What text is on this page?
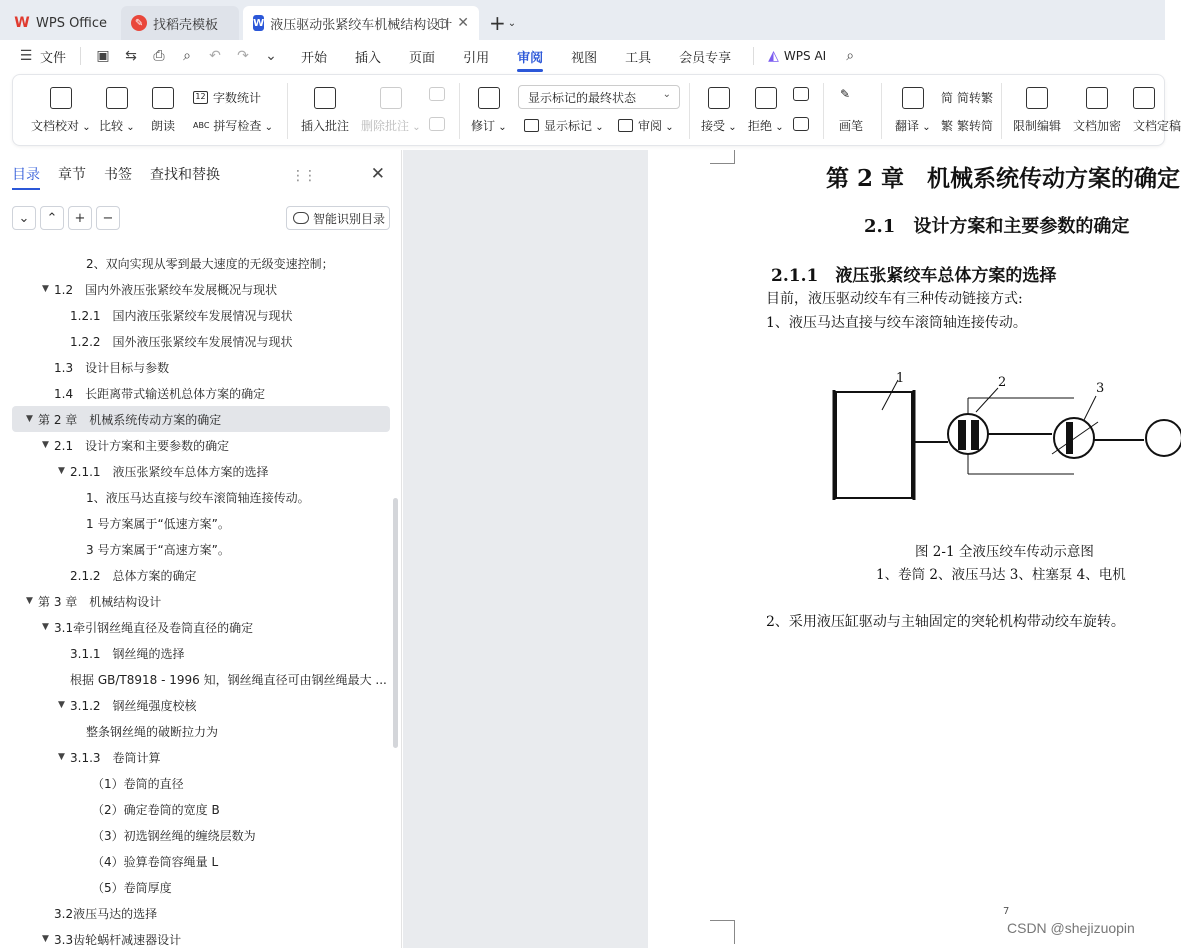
W WPS Office	✎ 找稻壳模板	W 液压驱动张紧绞车机械结构设计 ✕	+ ⌄
☰ 文件 ▣ ⇆ ⎙ ⌕ ↶ ↷ ⌄ 开始 插入 页面 引用 审阅 视图 工具 会员专享	◭ WPS AI ⌕
文档校对 ⌄	比较 ⌄	朗读
12 字数统计
ABC 拼写检查 ⌄	插入批注 删除批注 ⌄	修订 ⌄
显示标记的最终状态	⌄
显示标记 ⌄	审阅 ⌄	接受 ⌄	拒绝 ⌄
✎
画笔	翻译 ⌄
简 简转繁
繁 繁转简 限制编辑 文档加密 文档定稿
目录 章节 书签 查找和替换	✕
⌄	⌃	+	−	智能识别目录
2、双向实现从零到最大速度的无级变速控制；
▼ 1.2　国内外液压张紧绞车发展概况与现状
1.2.1　国内液压张紧绞车发展情况与现状
1.2.2　国外液压张紧绞车发展情况与现状
1.3　设计目标与参数
1.4　长距离带式输送机总体方案的确定
▼ 第 2 章　机械系统传动方案的确定
▼ 2.1　设计方案和主要参数的确定
▼ 2.1.1　液压张紧绞车总体方案的选择
1、液压马达直接与绞车滚筒轴连接传动。
1 号方案属于“低速方案”。
3 号方案属于“高速方案”。
2.1.2　总体方案的确定
▼ 第 3 章　机械结构设计
▼ 3.1牵引钢丝绳直径及卷筒直径的确定
3.1.1　钢丝绳的选择
根据 GB/T8918 - 1996 知，钢丝绳直径可由钢丝绳最大 ...
▼ 3.1.2　钢丝绳强度校核
整条钢丝绳的破断拉力为
▼ 3.1.3　卷筒计算
（1）卷筒的直径
（2）确定卷筒的宽度 B
（3）初选钢丝绳的缠绕层数为
（4）验算卷筒容绳量 L
（5）卷筒厚度
3.2液压马达的选择
▼ 3.3齿轮蜗杆减速器设计
⋮⋮	第 2 章　机械系统传动方案的确定
2.1　设计方案和主要参数的确定
2.1.1　液压张紧绞车总体方案的选择
目前，液压驱动绞车有三种传动链接方式:
1、液压马达直接与绞车滚筒轴连接传动。
1	2	3
图 2-1 全液压绞车传动示意图
1、卷筒 2、液压马达 3、柱塞泵 4、电机
2、采用液压缸驱动与主轴固定的突轮机构带动绞车旋转。
7
CSDN @shejizuopin
